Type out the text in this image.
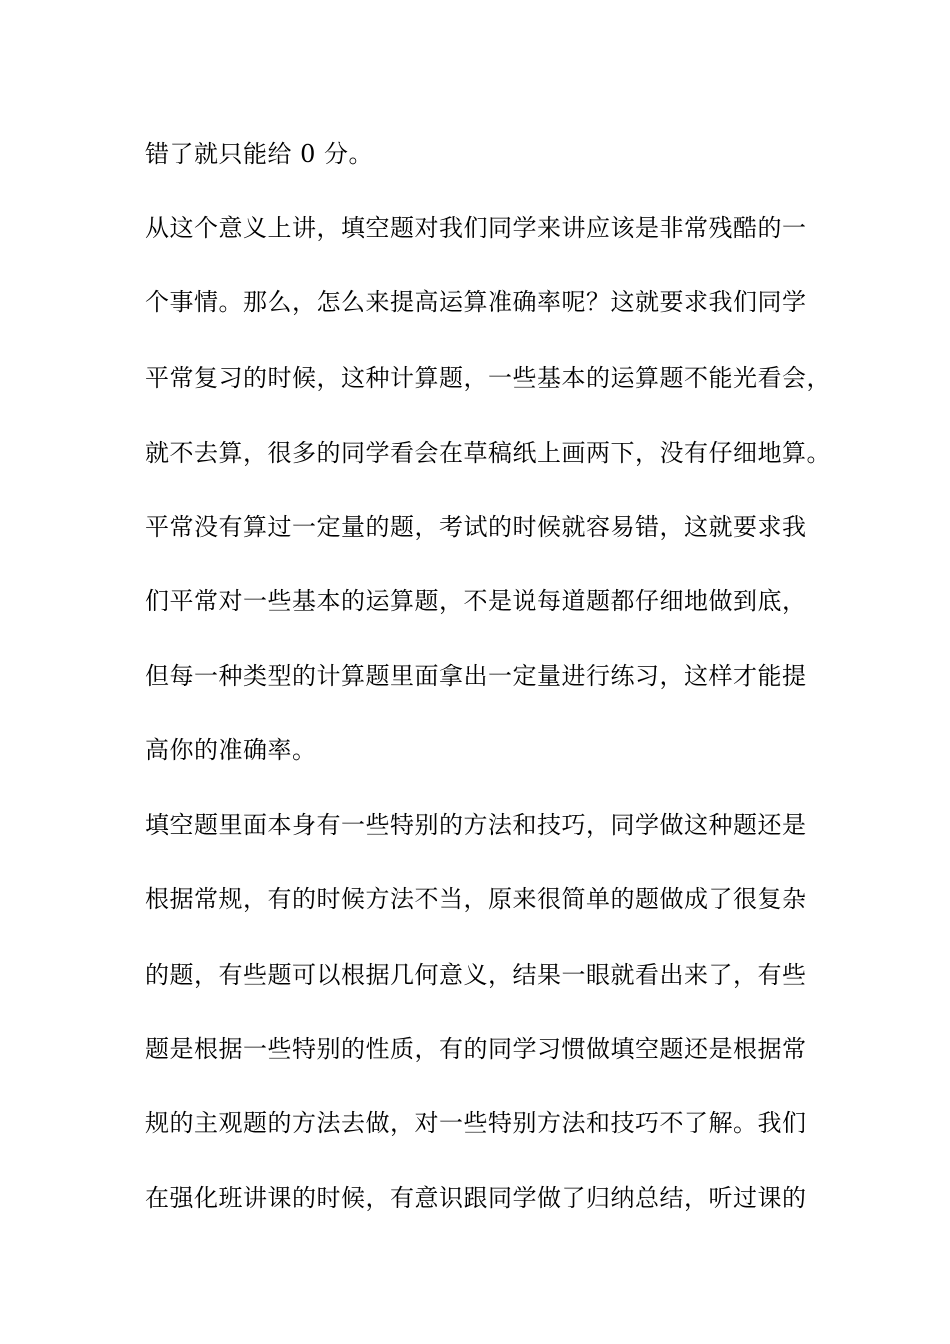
错了就只能给 0 分。

从这个意义上讲，填空题对我们同学来讲应该是非常残酷的一

个事情。那么，怎么来提高运算准确率呢？这就要求我们同学

平常复习的时候，这种计算题，一些基本的运算题不能光看会，

就不去算，很多的同学看会在草稿纸上画两下，没有仔细地算。

平常没有算过一定量的题，考试的时候就容易错，这就要求我

们平常对一些基本的运算题，不是说每道题都仔细地做到底，

但每一种类型的计算题里面拿出一定量进行练习，这样才能提

高你的准确率。

填空题里面本身有一些特别的方法和技巧，同学做这种题还是

根据常规，有的时候方法不当，原来很简单的题做成了很复杂

的题，有些题可以根据几何意义，结果一眼就看出来了，有些

题是根据一些特别的性质，有的同学习惯做填空题还是根据常

规的主观题的方法去做，对一些特别方法和技巧不了解。我们

在强化班讲课的时候，有意识跟同学做了归纳总结，听过课的
